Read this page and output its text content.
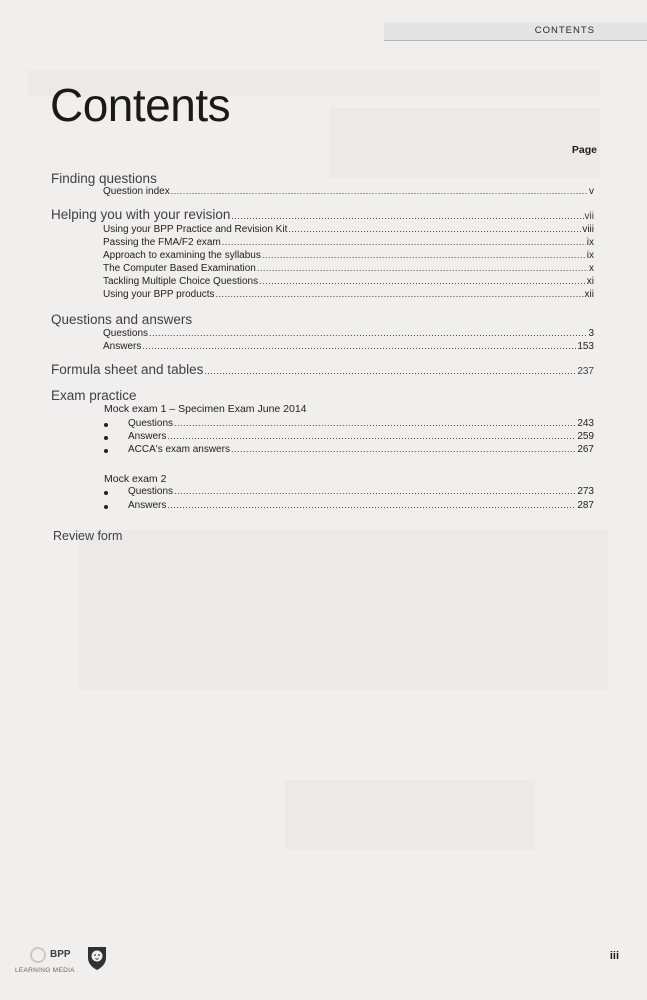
CONTENTS
Contents
Page
Finding questions
Question index .....	v
Helping you with your revision .....	vii
Using your BPP Practice and Revision Kit .....	viii
Passing the FMA/F2 exam .....	ix
Approach to examining the syllabus .....	ix
The Computer Based Examination .....	x
Tackling Multiple Choice Questions .....	xi
Using your BPP products .....	xii
Questions and answers
Questions .....	3
Answers .....	153
Formula sheet and tables .....	237
Exam practice
Mock exam 1 – Specimen Exam June 2014
Questions .....	243
Answers .....	259
ACCA's exam answers .....	267
Mock exam 2
Questions .....	273
Answers .....	287
Review form
BPP
LEARNING MEDIA
iii
